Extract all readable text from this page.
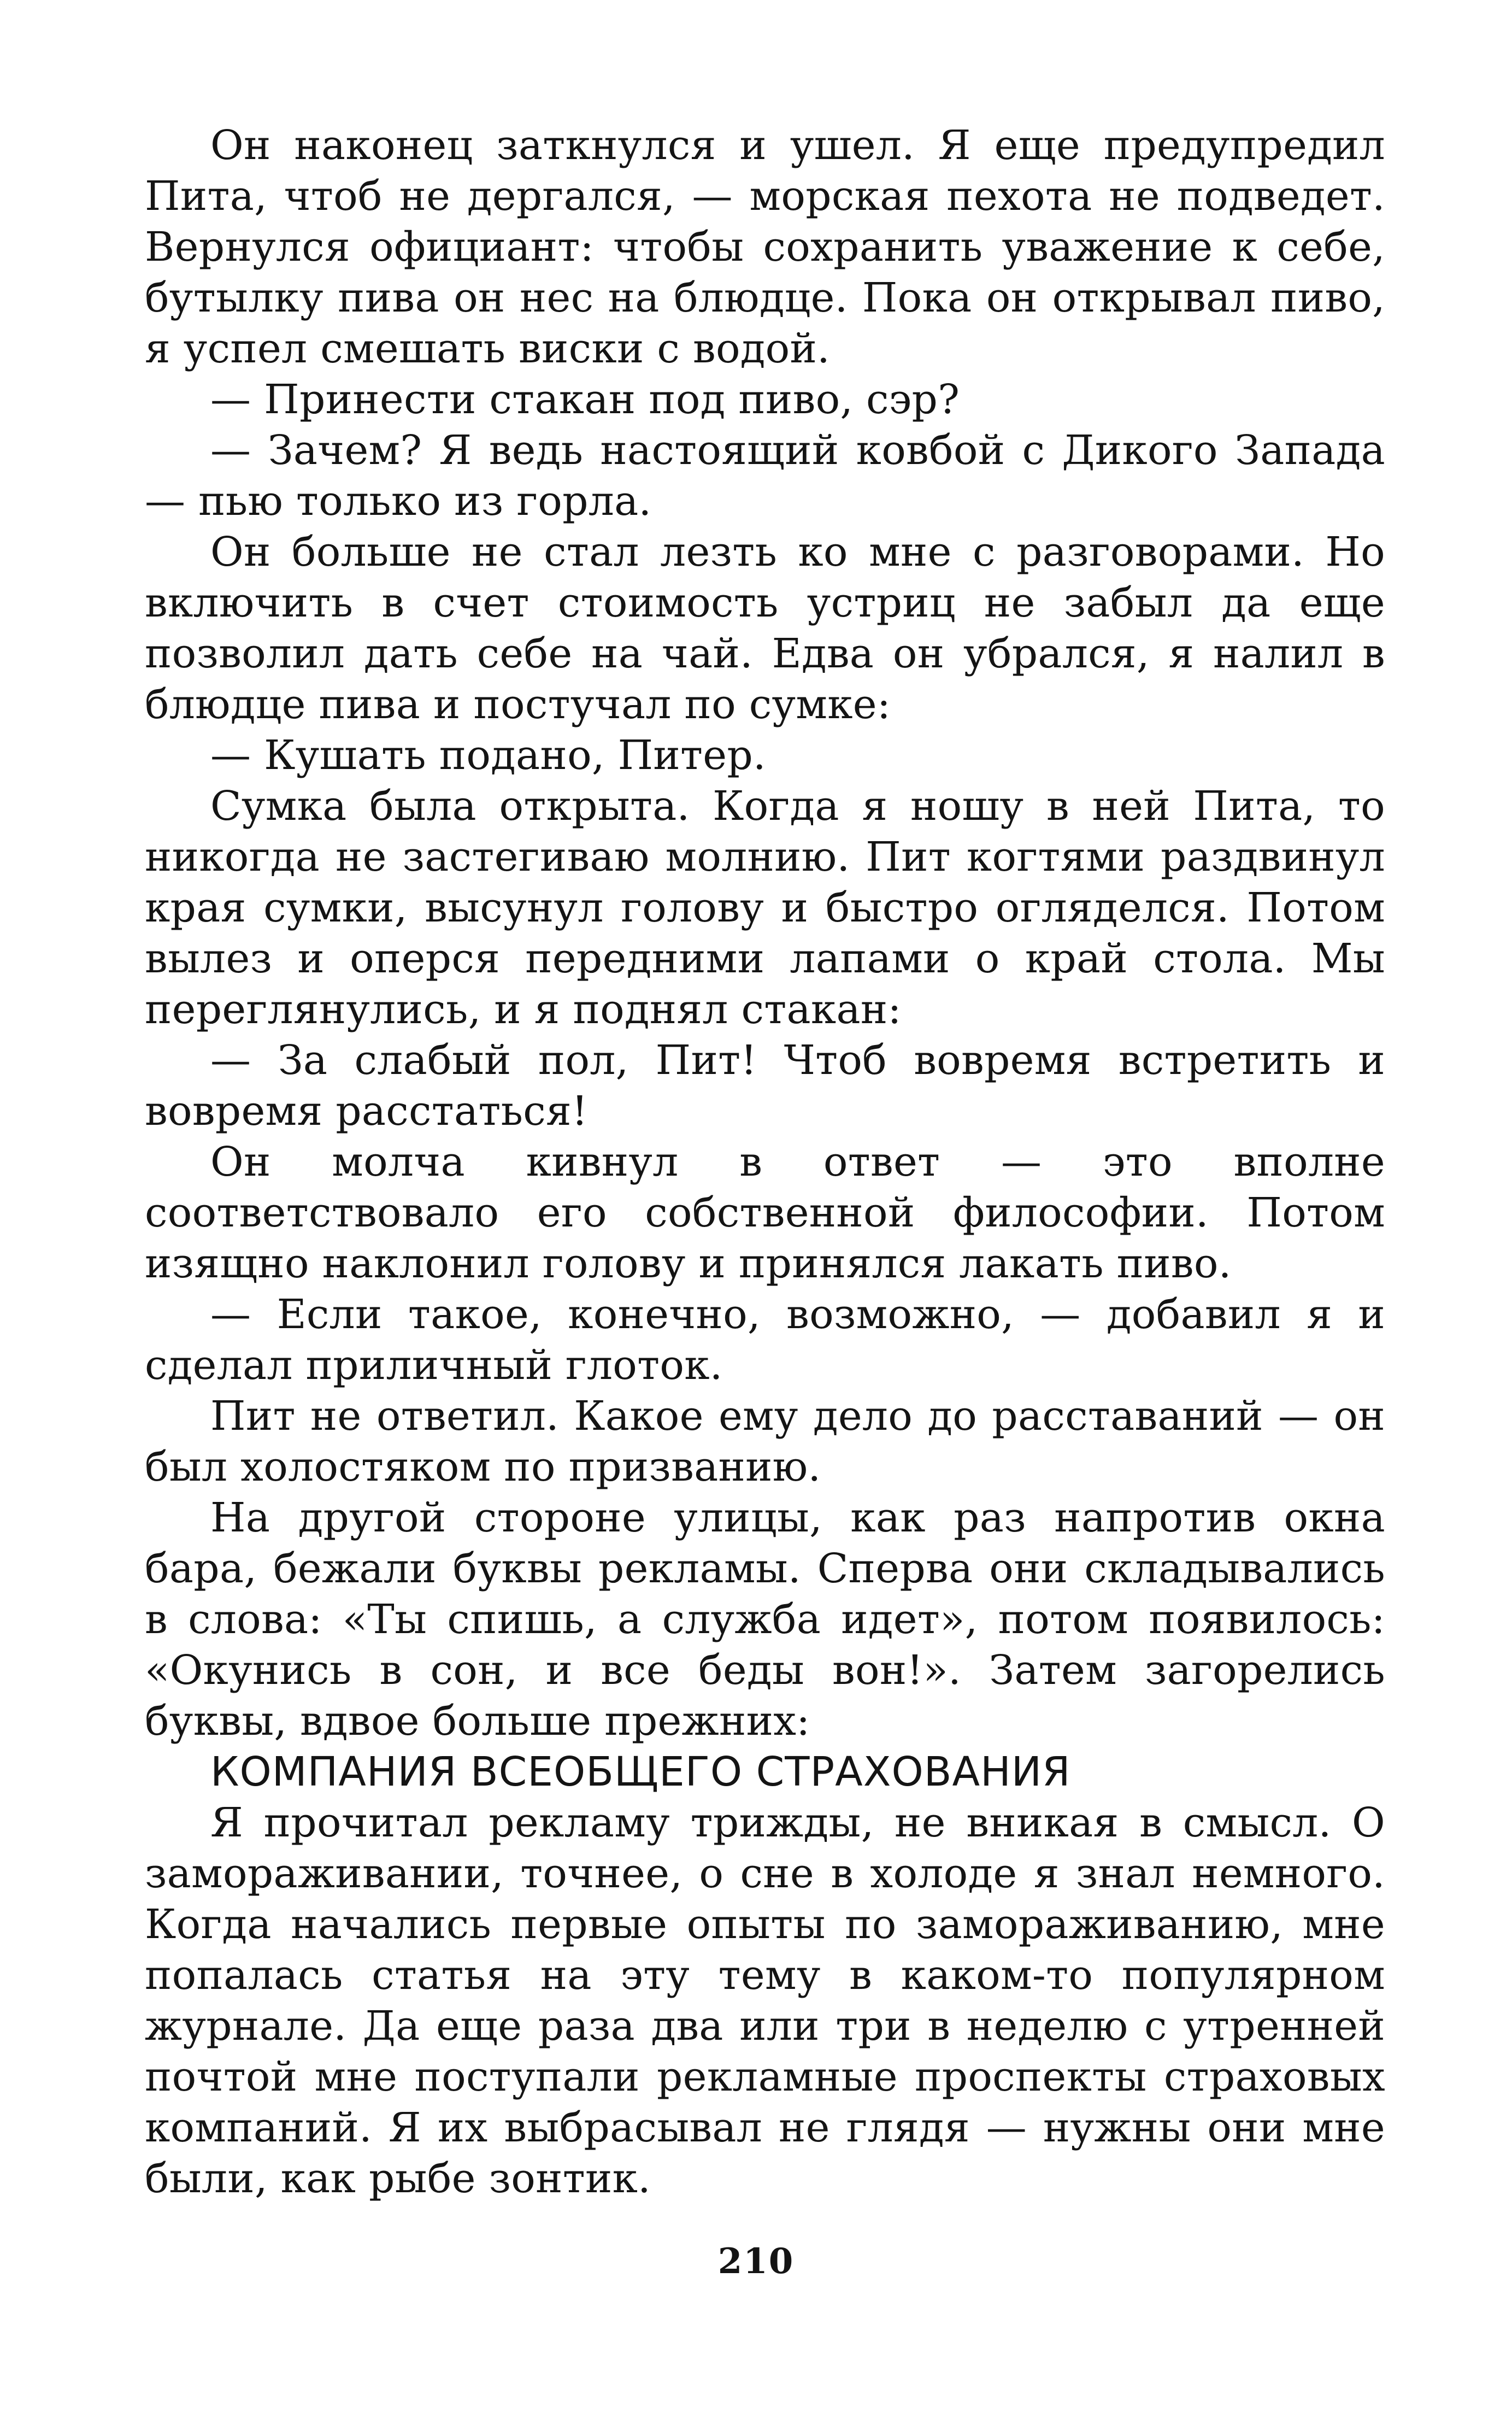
Он наконец заткнулся и ушел. Я еще предупредил Пита, чтоб не дергался, — морская пехота не подведет. Вернулся официант: чтобы сохранить уважение к себе, бутылку пива он нес на блюдце. Пока он открывал пиво, я успел смешать виски с водой.

— Принести стакан под пиво, сэр?

— Зачем? Я ведь настоящий ковбой с Дикого Запада — пью только из горла.

Он больше не стал лезть ко мне с разговорами. Но включить в счет стоимость устриц не забыл да еще позволил дать себе на чай. Едва он убрался, я налил в блюдце пива и постучал по сумке:

— Кушать подано, Питер.

Сумка была открыта. Когда я ношу в ней Пита, то никогда не застегиваю молнию. Пит когтями раздвинул края сумки, высунул голову и быстро огляделся. Потом вылез и оперся передними лапами о край стола. Мы переглянулись, и я поднял стакан:

— За слабый пол, Пит! Чтоб вовремя встретить и вовремя расстаться!

Он молча кивнул в ответ — это вполне соответствовало его собственной философии. Потом изящно наклонил голову и принялся лакать пиво.

— Если такое, конечно, возможно, — добавил я и сделал приличный глоток.

Пит не ответил. Какое ему дело до расставаний — он был холостяком по призванию.

На другой стороне улицы, как раз напротив окна бара, бежали буквы рекламы. Сперва они складывались в слова: «Ты спишь, а служба идет», потом появилось: «Окунись в сон, и все беды вон!». Затем загорелись буквы, вдвое больше прежних:

КОМПАНИЯ ВСЕОБЩЕГО СТРАХОВАНИЯ

Я прочитал рекламу трижды, не вникая в смысл. О замораживании, точнее, о сне в холоде я знал немного. Когда начались первые опыты по замораживанию, мне попалась статья на эту тему в каком-то популярном журнале. Да еще раза два или три в неделю с утренней почтой мне поступали рекламные проспекты страховых компаний. Я их выбрасывал не глядя — нужны они мне были, как рыбе зонтик.

210
